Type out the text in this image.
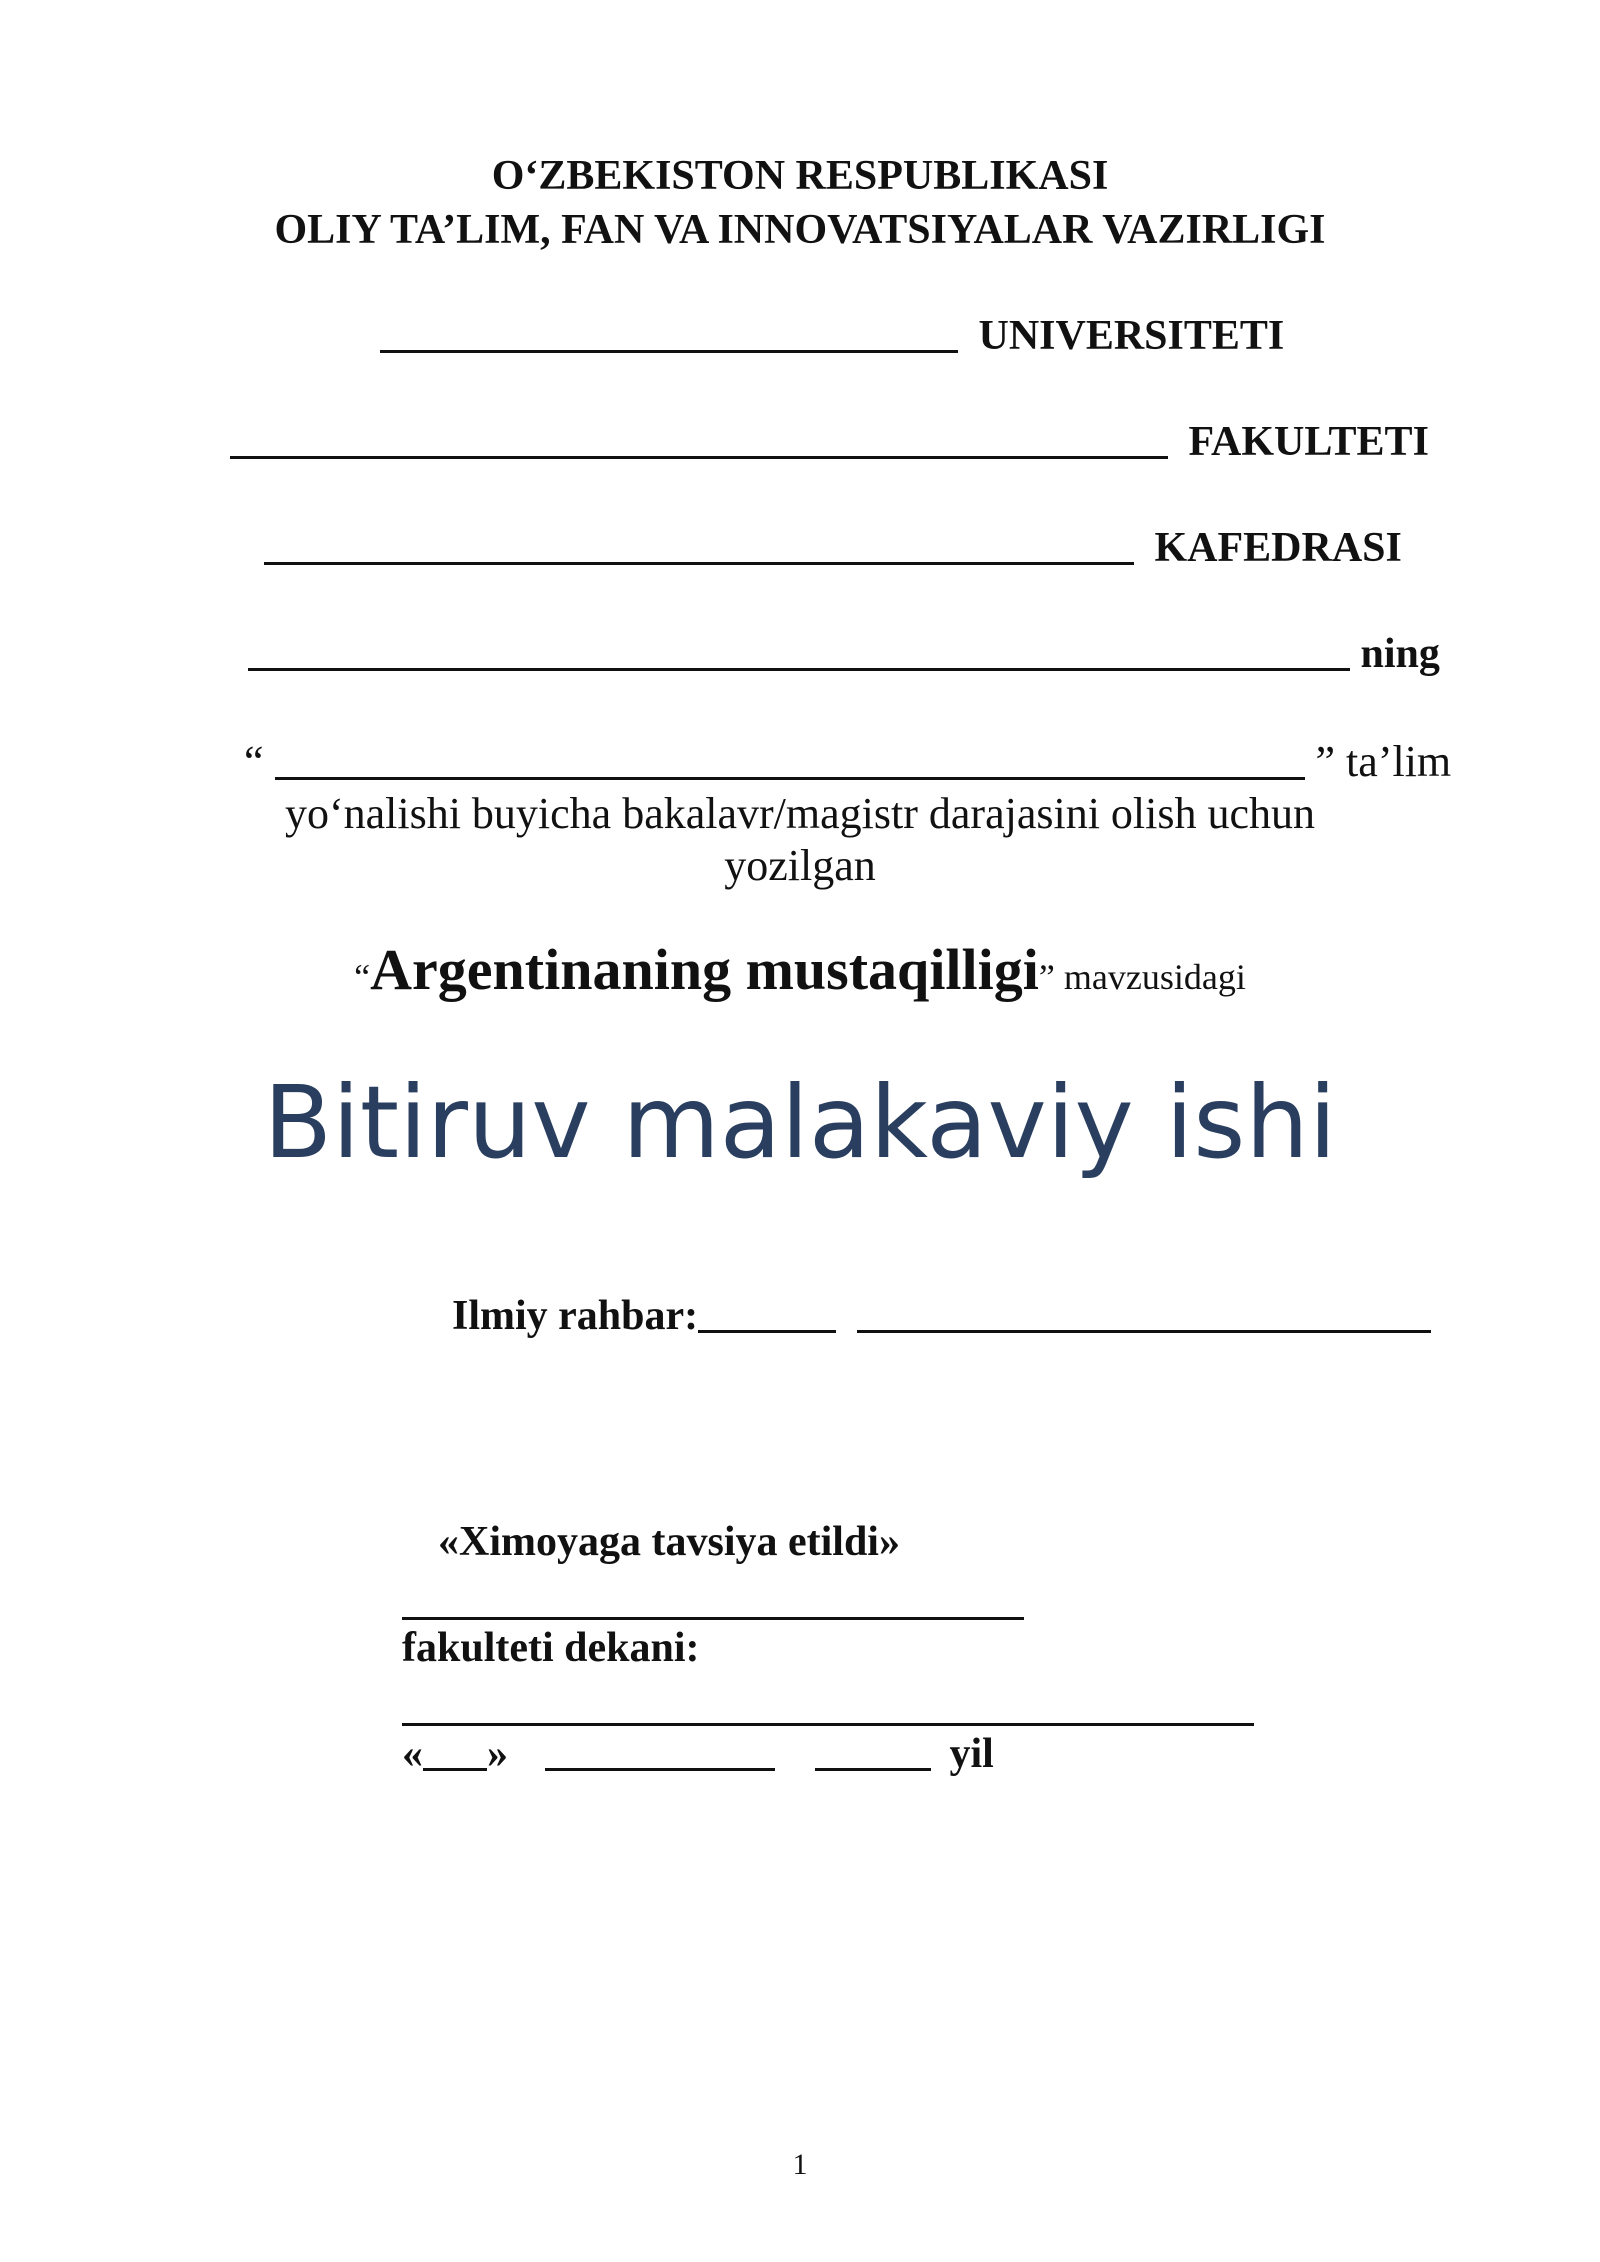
O‘ZBEKISTON RESPUBLIKASI
OLIY TA’LIM, FAN VA INNOVATSIYALAR VAZIRLIGI
UNIVERSITETI
FAKULTETI
KAFEDRASI
ning
“	” ta’lim
yo‘nalishi buyicha bakalavr/magistr darajasini olish uchun
yozilgan
“Argentinaning mustaqilligi” mavzusidagi
Bitiruv malakaviy ishi
Ilmiy rahbar:
«Ximoyaga tavsiya etildi»
fakulteti dekani:
« »	yil
1
